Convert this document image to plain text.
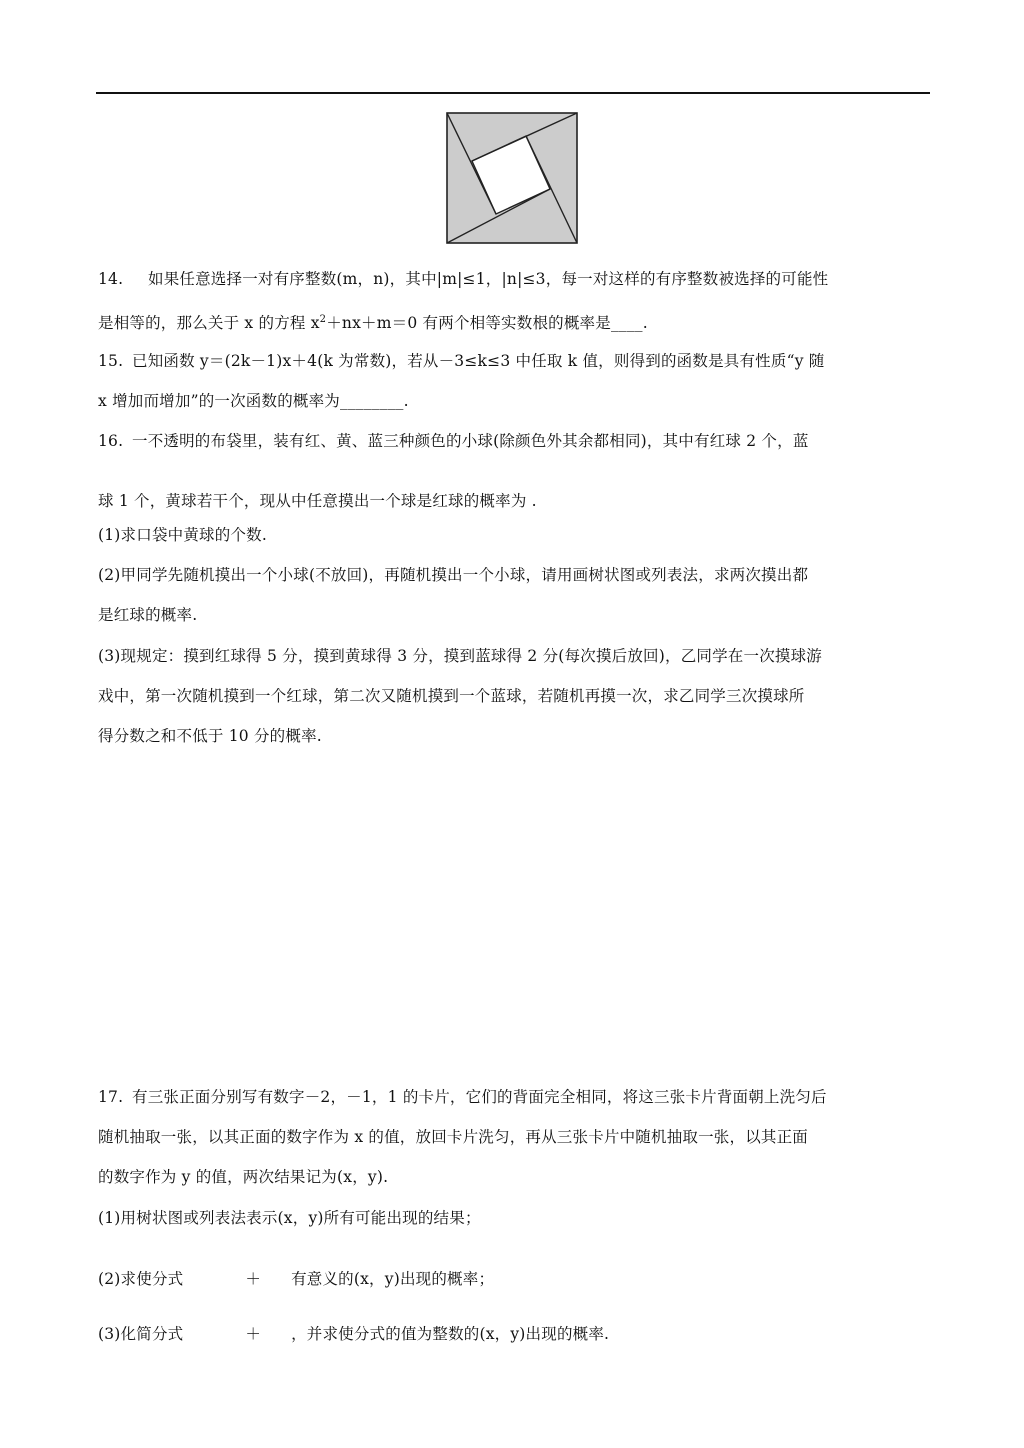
14. 如果任意选择一对有序整数(m，n)，其中|m|≤1，|n|≤3，每一对这样的有序整数被选择的可能性
是相等的，那么关于 x 的方程 $x^2+nx+m=0$ 有两个相等实数根的概率是____.
15. 已知函数 y＝(2k－1)x＋4(k 为常数)，若从－3≤k≤3 中任取 k 值，则得到的函数是具有性质“y 随
x 增加而增加”的一次函数的概率为________.
16. 一不透明的布袋里，装有红、黄、蓝三种颜色的小球(除颜色外其余都相同)，其中有红球 2 个，蓝
球 1 个，黄球若干个，现从中任意摸出一个球是红球的概率为 .
(1)求口袋中黄球的个数.
(2)甲同学先随机摸出一个小球(不放回)，再随机摸出一个小球，请用画树状图或列表法，求两次摸出都
是红球的概率.
(3)现规定：摸到红球得 5 分，摸到黄球得 3 分，摸到蓝球得 2 分(每次摸后放回)，乙同学在一次摸球游
戏中，第一次随机摸到一个红球，第二次又随机摸到一个蓝球，若随机再摸一次，求乙同学三次摸球所
得分数之和不低于 10 分的概率.
17. 有三张正面分别写有数字－2，－1，1 的卡片，它们的背面完全相同，将这三张卡片背面朝上洗匀后
随机抽取一张，以其正面的数字作为 x 的值，放回卡片洗匀，再从三张卡片中随机抽取一张，以其正面
的数字作为 y 的值，两次结果记为(x，y).
(1)用树状图或列表法表示(x，y)所有可能出现的结果；
(2)求使分式	＋ 有意义的(x，y)出现的概率；
(3)化简分式	＋ ，并求使分式的值为整数的(x，y)出现的概率.
